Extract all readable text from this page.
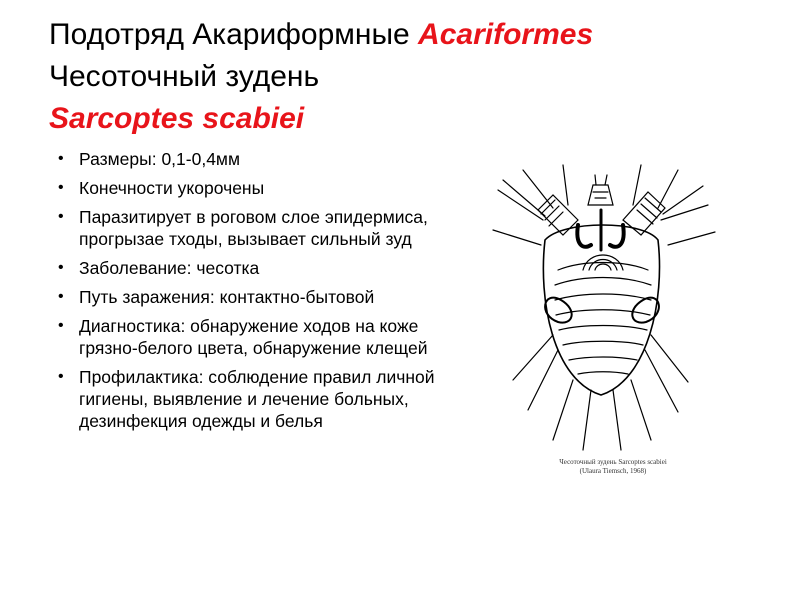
Подотряд Акариформные Acariformes
Чесоточный зудень
Sarcoptes scabiei
• Размеры: 0,1-0,4мм
• Конечности укорочены
• Паразитирует в роговом слое эпидермиса, прогрызае тходы, вызывает сильный зуд
• Заболевание: чесотка
• Путь заражения: контактно-бытовой
• Диагностика: обнаружение ходов на коже грязно-белого цвета, обнаружение клещей
• Профилактика: соблюдение правил личной гигиены, выявление и лечение больных, дезинфекция одежды и белья
Чесоточный зудень Sarcoptes scabiei
(Ulaura Tiemsch, 1968)
